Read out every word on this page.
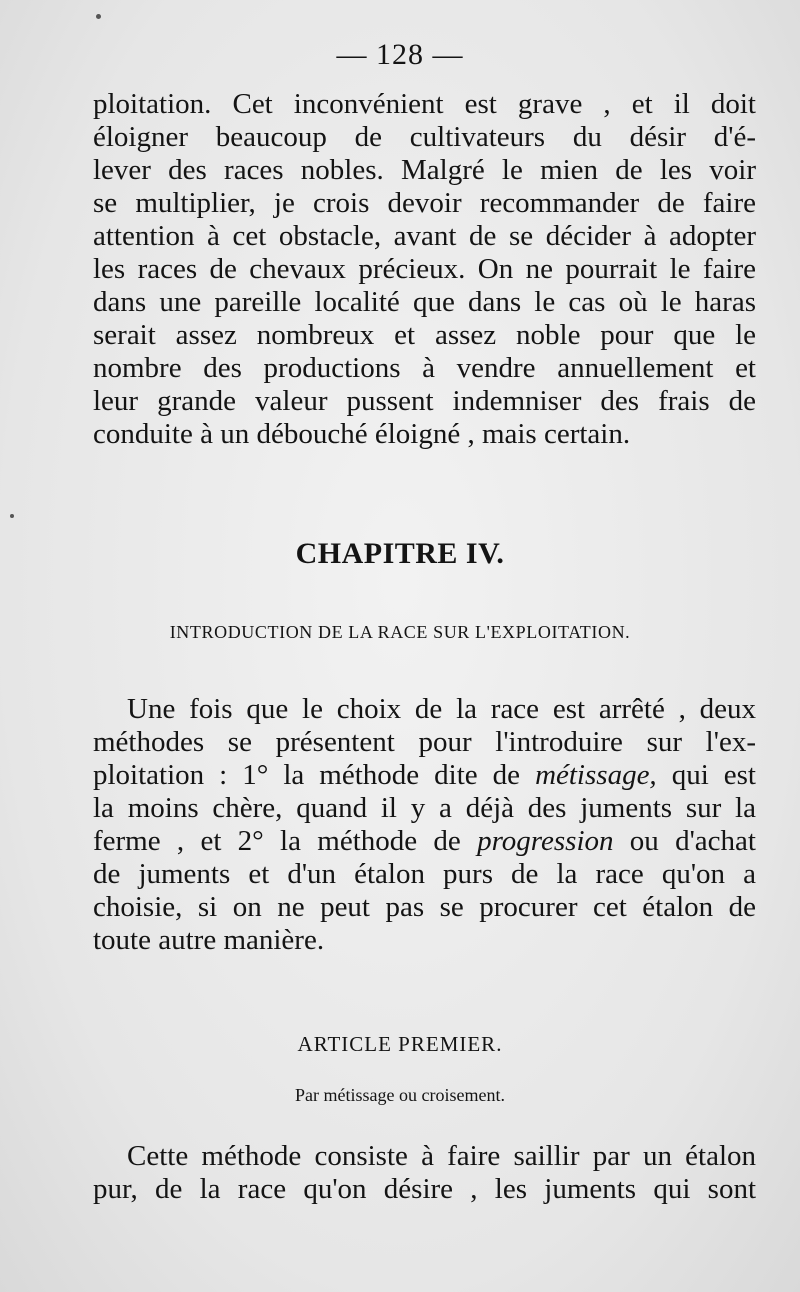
— 128 —
ploitation. Cet inconvénient est grave , et il doit
éloigner beaucoup de cultivateurs du désir d'é-
lever des races nobles. Malgré le mien de les voir
se multiplier, je crois devoir recommander de faire
attention à cet obstacle, avant de se décider à adopter
les races de chevaux précieux. On ne pourrait le faire
dans une pareille localité que dans le cas où le haras
serait assez nombreux et assez noble pour que le
nombre des productions à vendre annuellement et
leur grande valeur pussent indemniser des frais de
conduite à un débouché éloigné , mais certain.
CHAPITRE IV.
INTRODUCTION DE LA RACE SUR L'EXPLOITATION.
Une fois que le choix de la race est arrêté , deux
méthodes se présentent pour l'introduire sur l'ex-
ploitation : 1° la méthode dite de métissage, qui est
la moins chère, quand il y a déjà des juments sur la
ferme , et 2° la méthode de progression ou d'achat
de juments et d'un étalon purs de la race qu'on a
choisie, si on ne peut pas se procurer cet étalon de
toute autre manière.
ARTICLE PREMIER.
Par métissage ou croisement.
Cette méthode consiste à faire saillir par un étalon
pur, de la race qu'on désire , les juments qui sont
